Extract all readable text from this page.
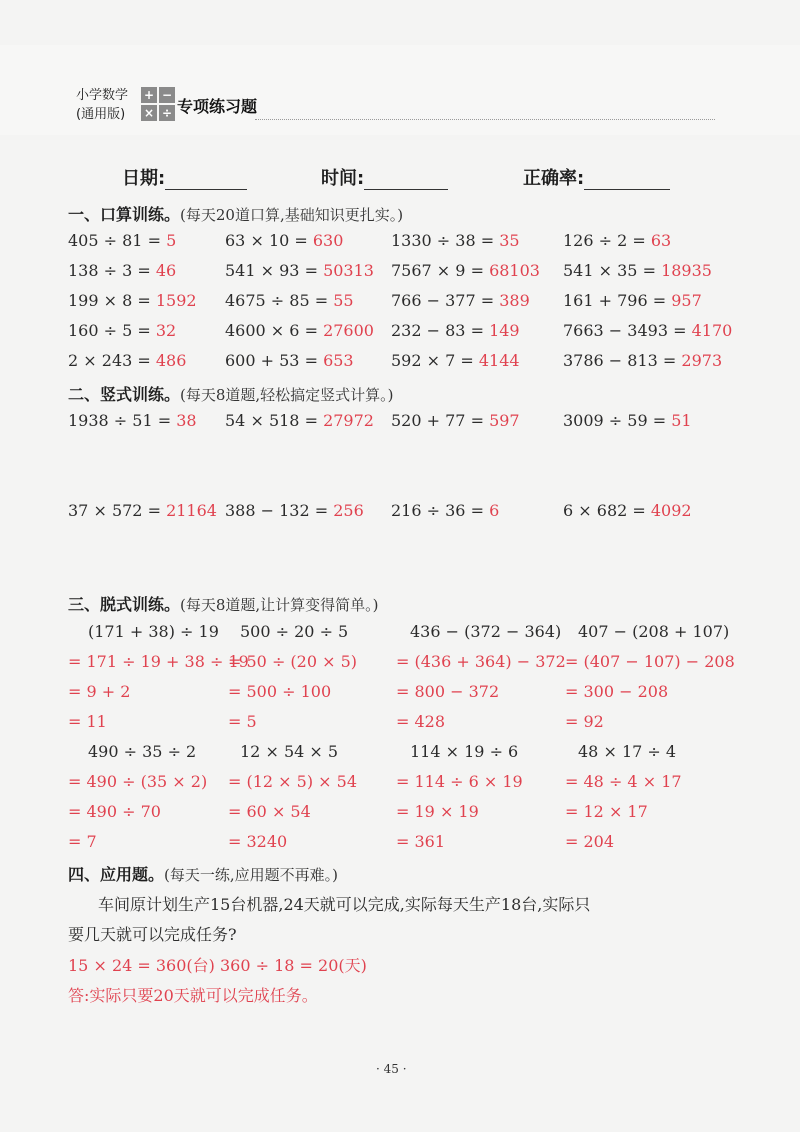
小学数学
(通用版)
+ −
× ÷ 专项练习题
日期:	时间:	正确率:
一、口算训练。(每天20道口算,基础知识更扎实。)
405 ÷ 81 = 5	63 × 10 = 630	1330 ÷ 38 = 35	126 ÷ 2 = 63
138 ÷ 3 = 46	541 × 93 = 50313 7567 × 9 = 68103 541 × 35 = 18935
199 × 8 = 1592 4675 ÷ 85 = 55 766 − 377 = 389 161 + 796 = 957
160 ÷ 5 = 32	4600 × 6 = 27600 232 − 83 = 149	7663 − 3493 = 4170
2 × 243 = 486 600 + 53 = 653 592 × 7 = 4144	3786 − 813 = 2973
二、竖式训练。(每天8道题,轻松搞定竖式计算。)
1938 ÷ 51 = 38 54 × 518 = 27972 520 + 77 = 597	3009 ÷ 59 = 51
37 × 572 = 21164 388 − 132 = 256 216 ÷ 36 = 6	6 × 682 = 4092
三、脱式训练。(每天8道题,让计算变得简单。)
(171 + 38) ÷ 19
= 171 ÷ 19 + 38 ÷ 19
= 9 + 2
= 11
500 ÷ 20 ÷ 5
= 50 ÷ (20 × 5)
= 500 ÷ 100
= 5
436 − (372 − 364)
= (436 + 364) − 372
= 800 − 372
= 428
407 − (208 + 107)
= (407 − 107) − 208
= 300 − 208
= 92
490 ÷ 35 ÷ 2
= 490 ÷ (35 × 2)
= 490 ÷ 70
= 7
12 × 54 × 5
= (12 × 5) × 54
= 60 × 54
= 3240
114 × 19 ÷ 6
= 114 ÷ 6 × 19
= 19 × 19
= 361
48 × 17 ÷ 4
= 48 ÷ 4 × 17
= 12 × 17
= 204
四、应用题。(每天一练,应用题不再难。)
车间原计划生产15台机器,24天就可以完成,实际每天生产18台,实际只
要几天就可以完成任务?
15 × 24 = 360(台) 360 ÷ 18 = 20(天)
答:实际只要20天就可以完成任务。
· 45 ·
